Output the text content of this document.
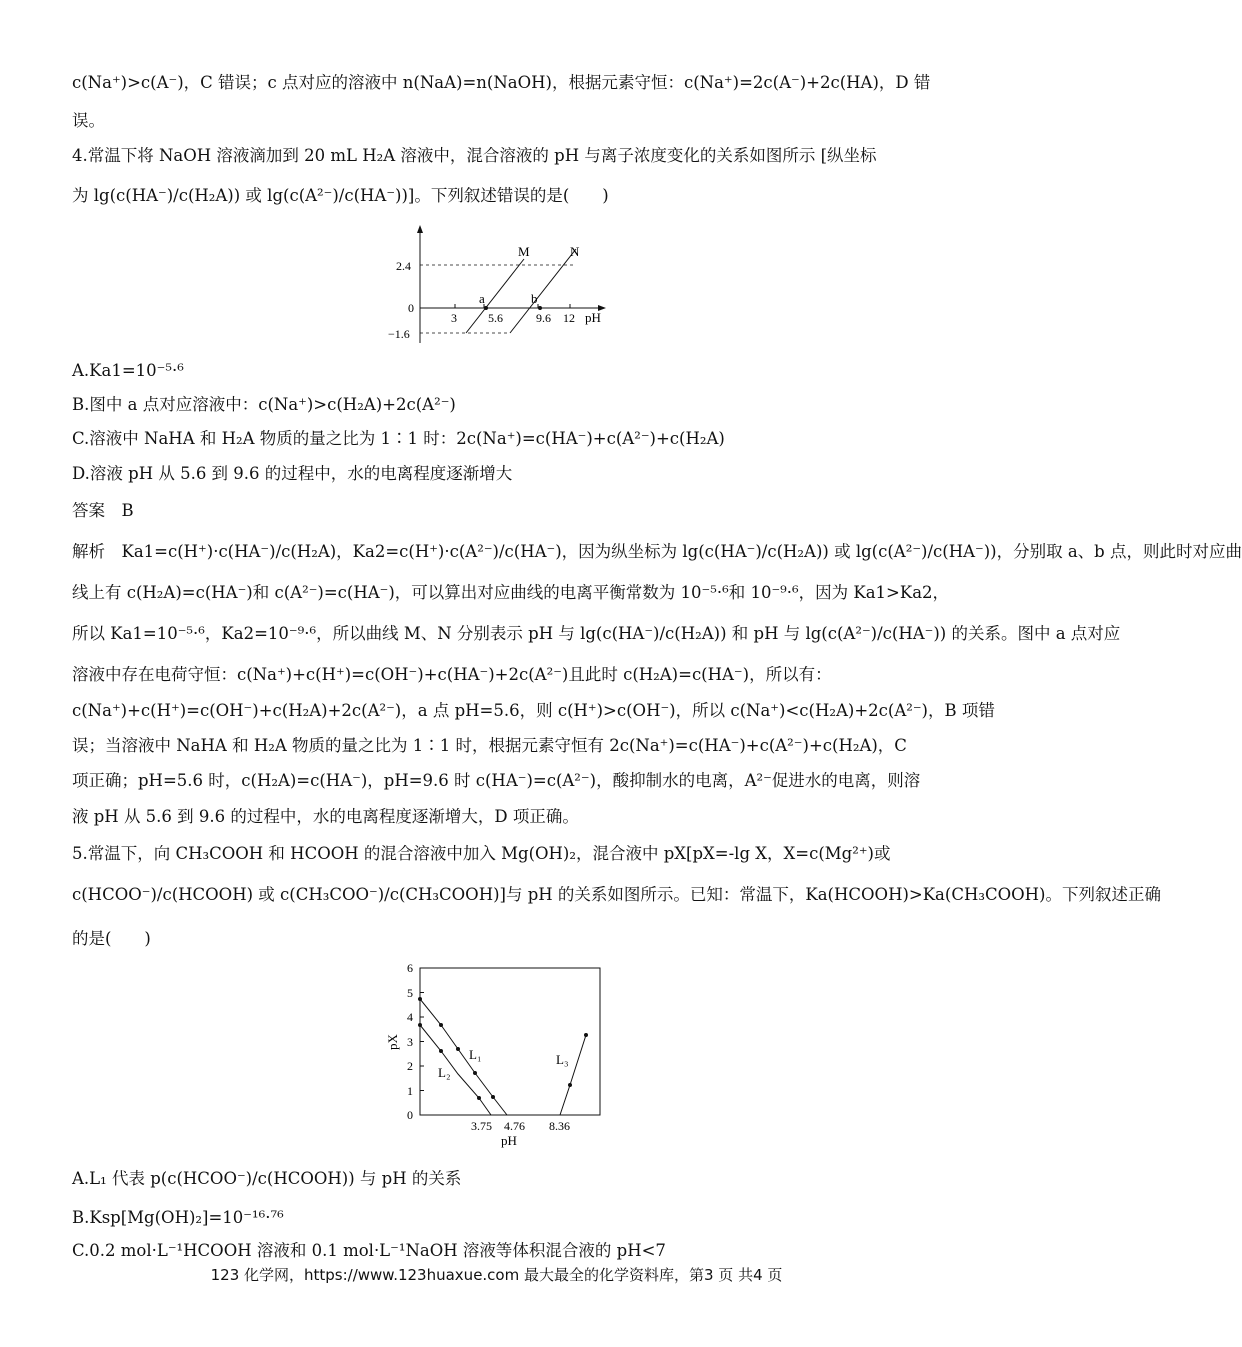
c(Na⁺)>c(A⁻)，C 错误；c 点对应的溶液中 n(NaA)=n(NaOH)，根据元素守恒：c(Na⁺)=2c(A⁻)+2c(HA)，D 错
误。
4.常温下将 NaOH 溶液滴加到 20 mL H₂A 溶液中，混合溶液的 pH 与离子浓度变化的关系如图所示 [纵坐标
为 lg(c(HA⁻)/c(H₂A)) 或 lg(c(A²⁻)/c(HA⁻))]。下列叙述错误的是(　　)
2.4
0
−1.6
3	5.6	9.6 12 pH
M	N
a	b
A.Ka1=10⁻⁵·⁶
B.图中 a 点对应溶液中：c(Na⁺)>c(H₂A)+2c(A²⁻)
C.溶液中 NaHA 和 H₂A 物质的量之比为 1∶1 时：2c(Na⁺)=c(HA⁻)+c(A²⁻)+c(H₂A)
D.溶液 pH 从 5.6 到 9.6 的过程中，水的电离程度逐渐增大
答案　B
解析　Ka1=c(H⁺)·c(HA⁻)/c(H₂A)，Ka2=c(H⁺)·c(A²⁻)/c(HA⁻)，因为纵坐标为 lg(c(HA⁻)/c(H₂A)) 或 lg(c(A²⁻)/c(HA⁻))，分别取 a、b 点，则此时对应曲
线上有 c(H₂A)=c(HA⁻)和 c(A²⁻)=c(HA⁻)，可以算出对应曲线的电离平衡常数为 10⁻⁵·⁶和 10⁻⁹·⁶，因为 Ka1>Ka2，
所以 Ka1=10⁻⁵·⁶，Ka2=10⁻⁹·⁶，所以曲线 M、N 分别表示 pH 与 lg(c(HA⁻)/c(H₂A)) 和 pH 与 lg(c(A²⁻)/c(HA⁻)) 的关系。图中 a 点对应
溶液中存在电荷守恒：c(Na⁺)+c(H⁺)=c(OH⁻)+c(HA⁻)+2c(A²⁻)且此时 c(H₂A)=c(HA⁻)，所以有：
c(Na⁺)+c(H⁺)=c(OH⁻)+c(H₂A)+2c(A²⁻)，a 点 pH=5.6，则 c(H⁺)>c(OH⁻)，所以 c(Na⁺)<c(H₂A)+2c(A²⁻)，B 项错
误；当溶液中 NaHA 和 H₂A 物质的量之比为 1∶1 时，根据元素守恒有 2c(Na⁺)=c(HA⁻)+c(A²⁻)+c(H₂A)，C
项正确；pH=5.6 时，c(H₂A)=c(HA⁻)，pH=9.6 时 c(HA⁻)=c(A²⁻)，酸抑制水的电离，A²⁻促进水的电离，则溶
液 pH 从 5.6 到 9.6 的过程中，水的电离程度逐渐增大，D 项正确。
5.常温下，向 CH₃COOH 和 HCOOH 的混合溶液中加入 Mg(OH)₂，混合液中 pX[pX=-lg X，X=c(Mg²⁺)或
c(HCOO⁻)/c(HCOOH) 或 c(CH₃COO⁻)/c(CH₃COOH)]与 pH 的关系如图所示。已知：常温下，Ka(HCOOH)>Ka(CH₃COOH)。下列叙述正确
的是(　　)
0
1
2
3
4
5
6
pX
L₁
L₂
L₃
3.75 4.76 8.36
pH
A.L₁ 代表 p(c(HCOO⁻)/c(HCOOH)) 与 pH 的关系
B.Ksp[Mg(OH)₂]=10⁻¹⁶·⁷⁶
C.0.2 mol·L⁻¹HCOOH 溶液和 0.1 mol·L⁻¹NaOH 溶液等体积混合液的 pH<7
123 化学网，https://www.123huaxue.com 最大最全的化学资料库，第3 页 共4 页
